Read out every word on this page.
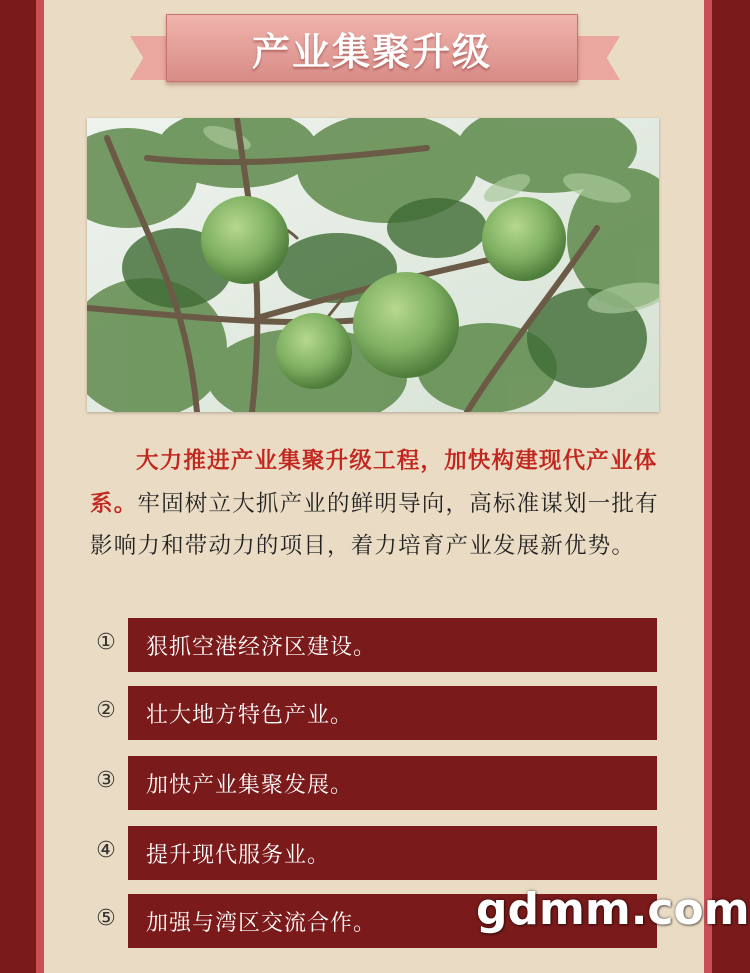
产业集聚升级
大力推进产业集聚升级工程，加快构建现代产业体系。牢固树立大抓产业的鲜明导向，高标准谋划一批有影响力和带动力的项目，着力培育产业发展新优势。
①	狠抓空港经济区建设。
②	壮大地方特色产业。
③	加快产业集聚发展。
④	提升现代服务业。
⑤	加强与湾区交流合作。 gdmm.com
